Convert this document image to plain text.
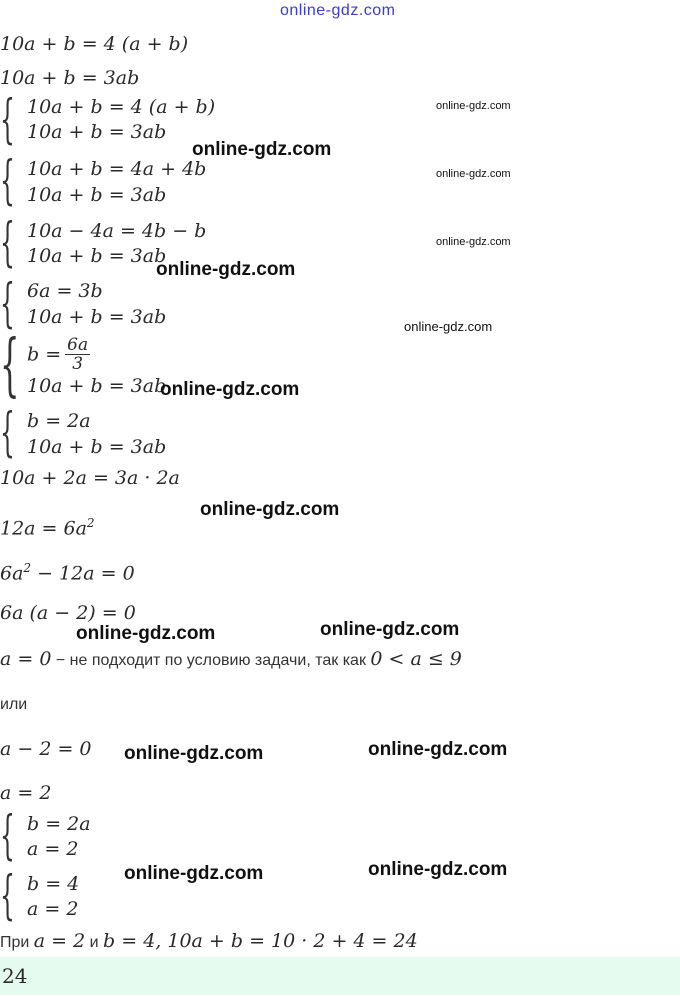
online-gdz.com
10a + b = 4 (a + b)
10a + b = 3ab
{ 10a + b = 4 (a + b)
10a + b = 3ab
{ 10a + b = 4a + 4b
10a + b = 3ab
{ 10a − 4a = 4b − b
10a + b = 3ab
{ 6a = 3b
10a + b = 3ab
{ $b = \frac{6a}{3}$
10a + b = 3ab
{ b = 2a
10a + b = 3ab
10a + 2a = 3a · 2a
$12a = 6a^2$
$6a^2 - 12a = 0$
6a (a − 2) = 0
a = 0 − не подходит по условию задачи, так как 0 < a ≤ 9
или
a − 2 = 0
a = 2
{ b = 2a
a = 2
{ b = 4
a = 2
При a = 2 и b = 4, 10a + b = 10 · 2 + 4 = 24
24
online-gdz.com
online-gdz.com
online-gdz.com
online-gdz.com
online-gdz.com
online-gdz.com
online-gdz.com
online-gdz.com
online-gdz.com	online-gdz.com
online-gdz.com	online-gdz.com
online-gdz.com	online-gdz.com
